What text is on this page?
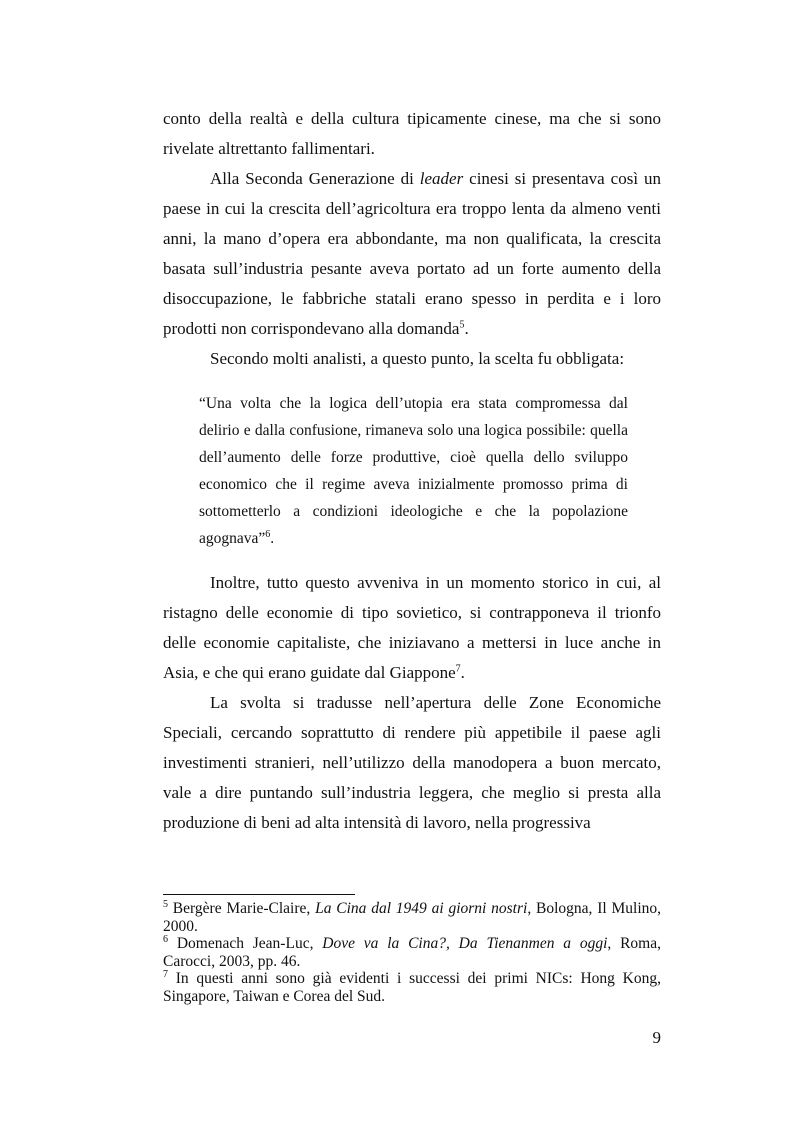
conto della realtà e della cultura tipicamente cinese, ma che si sono rivelate altrettanto fallimentari.

Alla Seconda Generazione di leader cinesi si presentava così un paese in cui la crescita dell’agricoltura era troppo lenta da almeno venti anni, la mano d’opera era abbondante, ma non qualificata, la crescita basata sull’industria pesante aveva portato ad un forte aumento della disoccupazione, le fabbriche statali erano spesso in perdita e i loro prodotti non corrispondevano alla domanda$^5$.

Secondo molti analisti, a questo punto, la scelta fu obbligata:

“Una volta che la logica dell’utopia era stata compromessa dal delirio e dalla confusione, rimaneva solo una logica possibile: quella dell’aumento delle forze produttive, cioè quella dello sviluppo economico che il regime aveva inizialmente promosso prima di sottometterlo a condizioni ideologiche e che la popolazione agognava”$^6$.

Inoltre, tutto questo avveniva in un momento storico in cui, al ristagno delle economie di tipo sovietico, si contrapponeva il trionfo delle economie capitaliste, che iniziavano a mettersi in luce anche in Asia, e che qui erano guidate dal Giappone$^7$.

La svolta si tradusse nell’apertura delle Zone Economiche Speciali, cercando soprattutto di rendere più appetibile il paese agli investimenti stranieri, nell’utilizzo della manodopera a buon mercato, vale a dire puntando sull’industria leggera, che meglio si presta alla produzione di beni ad alta intensità di lavoro, nella progressiva

$^5$ Bergère Marie-Claire, La Cina dal 1949 ai giorni nostri, Bologna, Il Mulino, 2000.

$^6$ Domenach Jean-Luc, Dove va la Cina?, Da Tienanmen a oggi, Roma, Carocci, 2003, pp. 46.

$^7$ In questi anni sono già evidenti i successi dei primi NICs: Hong Kong, Singapore, Taiwan e Corea del Sud.

9
